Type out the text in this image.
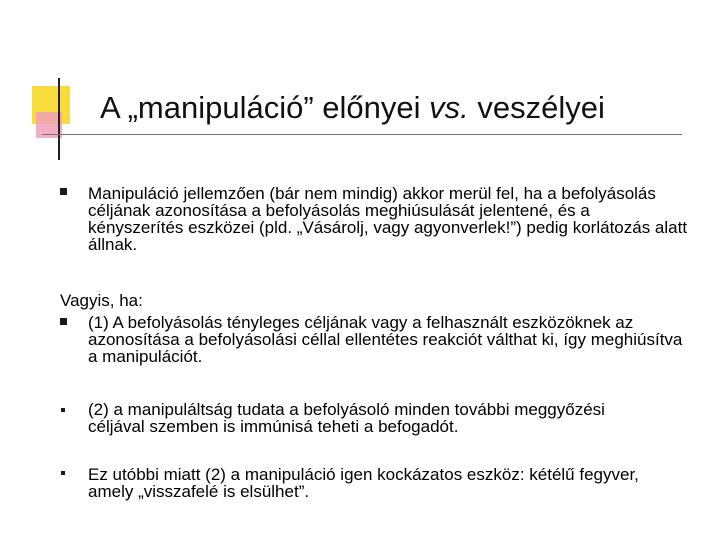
A „manipuláció” előnyei vs. veszélyei
Manipuláció jellemzően (bár nem mindig) akkor merül fel, ha a befolyásolás céljának azonosítása a befolyásolás meghiúsulását jelentené, és a kényszerítés eszközei (pld. „Vásárolj, vagy agyonverlek!”) pedig korlátozás alatt állnak.
Vagyis, ha:
(1) A befolyásolás tényleges céljának vagy a felhasznált eszközöknek az azonosítása a befolyásolási céllal ellentétes reakciót válthat ki, így meghiúsítva a manipulációt.
(2) a manipuláltság tudata a befolyásoló minden további meggyőzési céljával szemben is immúnisá teheti a befogadót.
Ez utóbbi miatt (2) a manipuláció igen kockázatos eszköz: kétélű fegyver, amely „visszafelé is elsülhet”.
